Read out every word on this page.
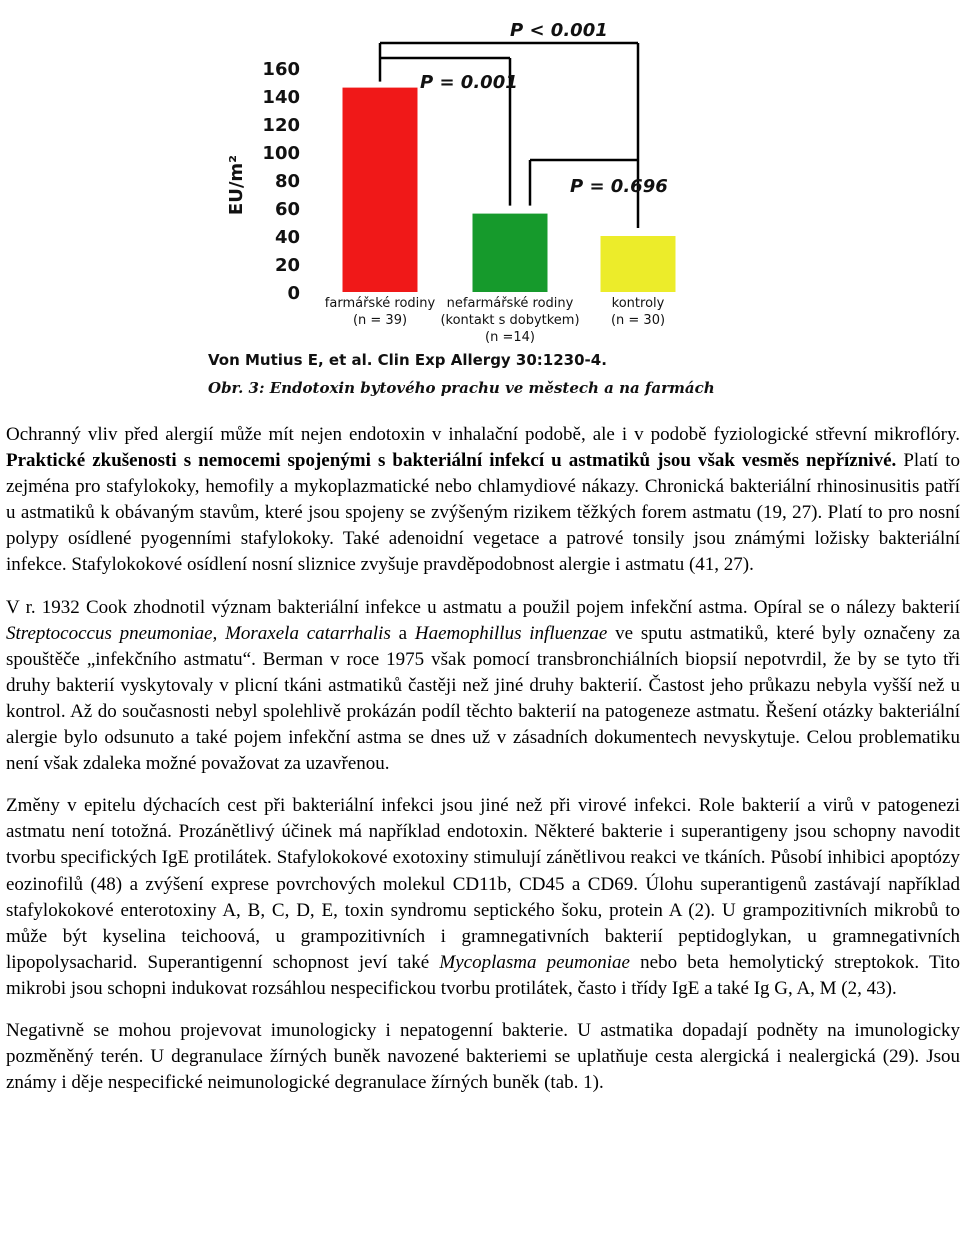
EU/m²
0
20
40
60
80
100
120
140
160
farmářské rodiny
(n = 39)
nefarmářské rodiny
(kontakt s dobytkem)
(n =14)
kontroly
(n = 30)
P = 0.001
P = 0.696
P < 0.001
Von Mutius E, et al. Clin Exp Allergy 30:1230-4.
Obr. 3: Endotoxin bytového prachu ve městech a na farmách

Ochranný vliv před alergií může mít nejen endotoxin v inhalační podobě, ale i v podobě fyziologické střevní mikroflóry. Praktické zkušenosti s nemocemi spojenými s bakteriální infekcí u astmatiků jsou však vesměs nepříznivé. Platí to zejména pro stafylokoky, hemofily a mykoplazmatické nebo chlamydiové nákazy. Chronická bakteriální rhinosinusitis patří u astmatiků k obávaným stavům, které jsou spojeny se zvýšeným rizikem těžkých forem astmatu (19, 27). Platí to pro nosní polypy osídlené pyogenními stafylokoky. Také adenoidní vegetace a patrové tonsily jsou známými ložisky bakteriální infekce. Stafylokokové osídlení nosní sliznice zvyšuje pravděpodobnost alergie i astmatu (41, 27).

V r. 1932 Cook zhodnotil význam bakteriální infekce u astmatu a použil pojem infekční astma. Opíral se o nálezy bakterií Streptococcus pneumoniae, Moraxela catarrhalis a Haemophillus influenzae ve sputu astmatiků, které byly označeny za spouštěče „infekčního astmatu“. Berman v roce 1975 však pomocí transbronchiálních biopsií nepotvrdil, že by se tyto tři druhy bakterií vyskytovaly v plicní tkáni astmatiků častěji než jiné druhy bakterií. Častost jeho průkazu nebyla vyšší než u kontrol. Až do současnosti nebyl spolehlivě prokázán podíl těchto bakterií na patogeneze astmatu. Řešení otázky bakteriální alergie bylo odsunuto a také pojem infekční astma se dnes už v zásadních dokumentech nevyskytuje. Celou problematiku není však zdaleka možné považovat za uzavřenou.

Změny v epitelu dýchacích cest při bakteriální infekci jsou jiné než při virové infekci. Role bakterií a virů v patogenezi astmatu není totožná. Prozánětlivý účinek má například endotoxin. Některé bakterie i superantigeny jsou schopny navodit tvorbu specifických IgE protilátek. Stafylokokové exotoxiny stimulují zánětlivou reakci ve tkáních. Působí inhibici apoptózy eozinofilů (48) a zvýšení exprese povrchových molekul CD11b, CD45 a CD69. Úlohu superantigenů zastávají například stafylokokové enterotoxiny A, B, C, D, E, toxin syndromu septického šoku, protein A (2). U grampozitivních mikrobů to může být kyselina teichoová, u grampozitivních i gramnegativních bakterií peptidoglykan, u gramnegativních lipopolysacharid. Superantigenní schopnost jeví také Mycoplasma peumoniae nebo beta hemolytický streptokok. Tito mikrobi jsou schopni indukovat rozsáhlou nespecifickou tvorbu protilátek, často i třídy IgE a také Ig G, A, M (2, 43).

Negativně se mohou projevovat imunologicky i nepatogenní bakterie. U astmatika dopadají podněty na imunologicky pozměněný terén. U degranulace žírných buněk navozené bakteriemi se uplatňuje cesta alergická i nealergická (29). Jsou známy i děje nespecifické neimunologické degranulace žírných buněk (tab. 1).
